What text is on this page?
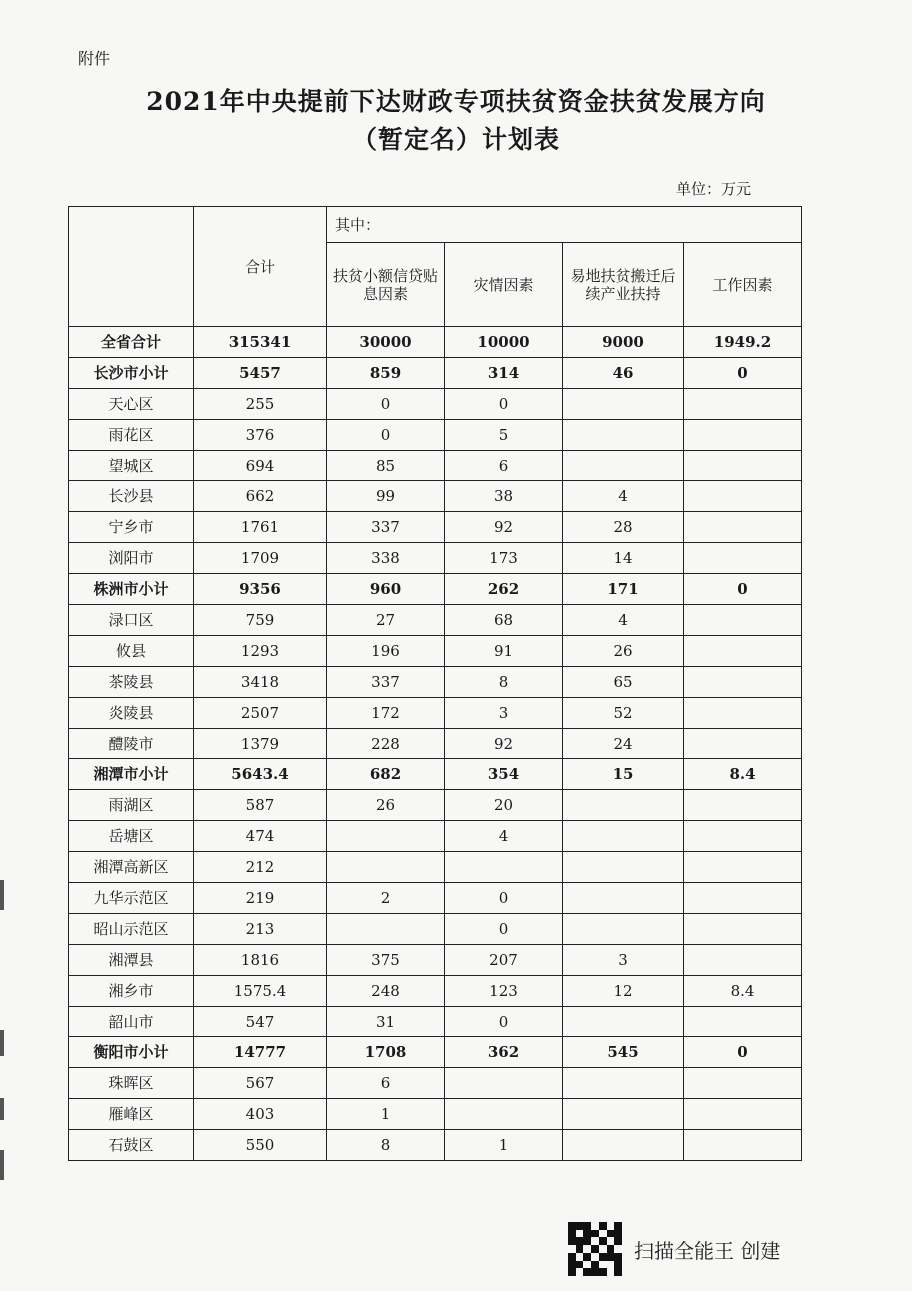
附件
2021年中央提前下达财政专项扶贫资金扶贫发展方向
（暂定名）计划表
单位：万元
	合计	其中：			
		扶贫小额信贷贴息因素	灾情因素	易地扶贫搬迁后续产业扶持	工作因素
全省合计	315341	30000	10000	9000	1949.2
长沙市小计	5457	859	314	46	0
天心区	255	0	0		
雨花区	376	0	5		
望城区	694	85	6		
长沙县	662	99	38	4	
宁乡市	1761	337	92	28	
浏阳市	1709	338	173	14	
株洲市小计	9356	960	262	171	0
渌口区	759	27	68	4	
攸县	1293	196	91	26	
茶陵县	3418	337	8	65	
炎陵县	2507	172	3	52	
醴陵市	1379	228	92	24	
湘潭市小计	5643.4	682	354	15	8.4
雨湖区	587	26	20		
岳塘区	474		4		
湘潭高新区	212				
九华示范区	219	2	0		
昭山示范区	213		0		
湘潭县	1816	375	207	3	
湘乡市	1575.4	248	123	12	8.4
韶山市	547	31	0		
衡阳市小计	14777	1708	362	545	0
珠晖区	567	6			
雁峰区	403	1			
石鼓区	550	8	1		
扫描全能王 创建
